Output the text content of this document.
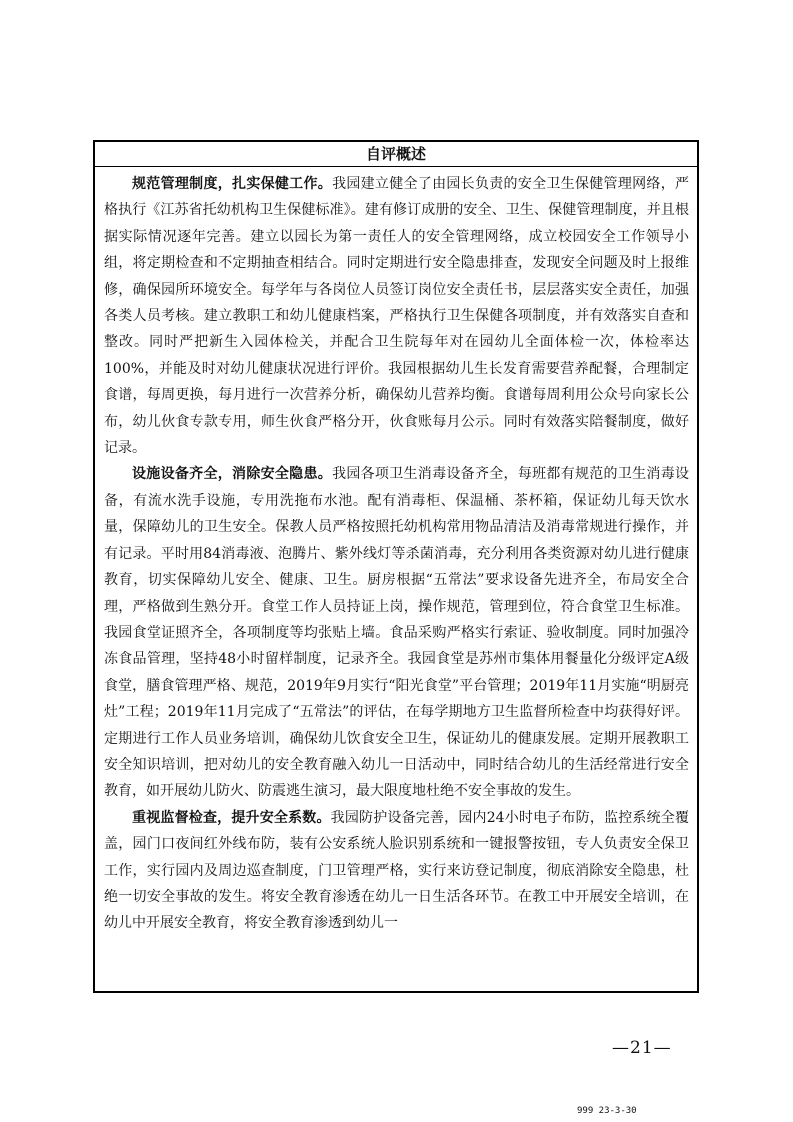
自评概述

规范管理制度，扎实保健工作。我园建立健全了由园长负责的安全卫生保健管理网络，严格执行《江苏省托幼机构卫生保健标准》。建有修订成册的安全、卫生、保健管理制度，并且根据实际情况逐年完善。建立以园长为第一责任人的安全管理网络，成立校园安全工作领导小组，将定期检查和不定期抽查相结合。同时定期进行安全隐患排查，发现安全问题及时上报维修，确保园所环境安全。每学年与各岗位人员签订岗位安全责任书，层层落实安全责任，加强各类人员考核。建立教职工和幼儿健康档案，严格执行卫生保健各项制度，并有效落实自查和整改。同时严把新生入园体检关，并配合卫生院每年对在园幼儿全面体检一次，体检率达100%，并能及时对幼儿健康状况进行评价。我园根据幼儿生长发育需要营养配餐，合理制定食谱，每周更换，每月进行一次营养分析，确保幼儿营养均衡。食谱每周利用公众号向家长公布，幼儿伙食专款专用，师生伙食严格分开，伙食账每月公示。同时有效落实陪餐制度，做好记录。

设施设备齐全，消除安全隐患。我园各项卫生消毒设备齐全，每班都有规范的卫生消毒设备，有流水洗手设施，专用洗拖布水池。配有消毒柜、保温桶、茶杯箱，保证幼儿每天饮水量，保障幼儿的卫生安全。保教人员严格按照托幼机构常用物品清洁及消毒常规进行操作，并有记录。平时用84消毒液、泡腾片、紫外线灯等杀菌消毒，充分利用各类资源对幼儿进行健康教育，切实保障幼儿安全、健康、卫生。厨房根据“五常法”要求设备先进齐全，布局安全合理，严格做到生熟分开。食堂工作人员持证上岗，操作规范，管理到位，符合食堂卫生标准。我园食堂证照齐全，各项制度等均张贴上墙。食品采购严格实行索证、验收制度。同时加强冷冻食品管理，坚持48小时留样制度，记录齐全。我园食堂是苏州市集体用餐量化分级评定A级食堂，膳食管理严格、规范，2019年9月实行“阳光食堂”平台管理；2019年11月实施“明厨亮灶”工程；2019年11月完成了“五常法”的评估，在每学期地方卫生监督所检查中均获得好评。定期进行工作人员业务培训，确保幼儿饮食安全卫生，保证幼儿的健康发展。定期开展教职工安全知识培训，把对幼儿的安全教育融入幼儿一日活动中，同时结合幼儿的生活经常进行安全教育，如开展幼儿防火、防震逃生演习，最大限度地杜绝不安全事故的发生。

重视监督检查，提升安全系数。我园防护设备完善，园内24小时电子布防，监控系统全覆盖，园门口夜间红外线布防，装有公安系统人脸识别系统和一键报警按钮，专人负责安全保卫工作，实行园内及周边巡查制度，门卫管理严格，实行来访登记制度，彻底消除安全隐患，杜绝一切安全事故的发生。将安全教育渗透在幼儿一日生活各环节。在教工中开展安全培训，在幼儿中开展安全教育，将安全教育渗透到幼儿一

—21—
999 23-3-30
